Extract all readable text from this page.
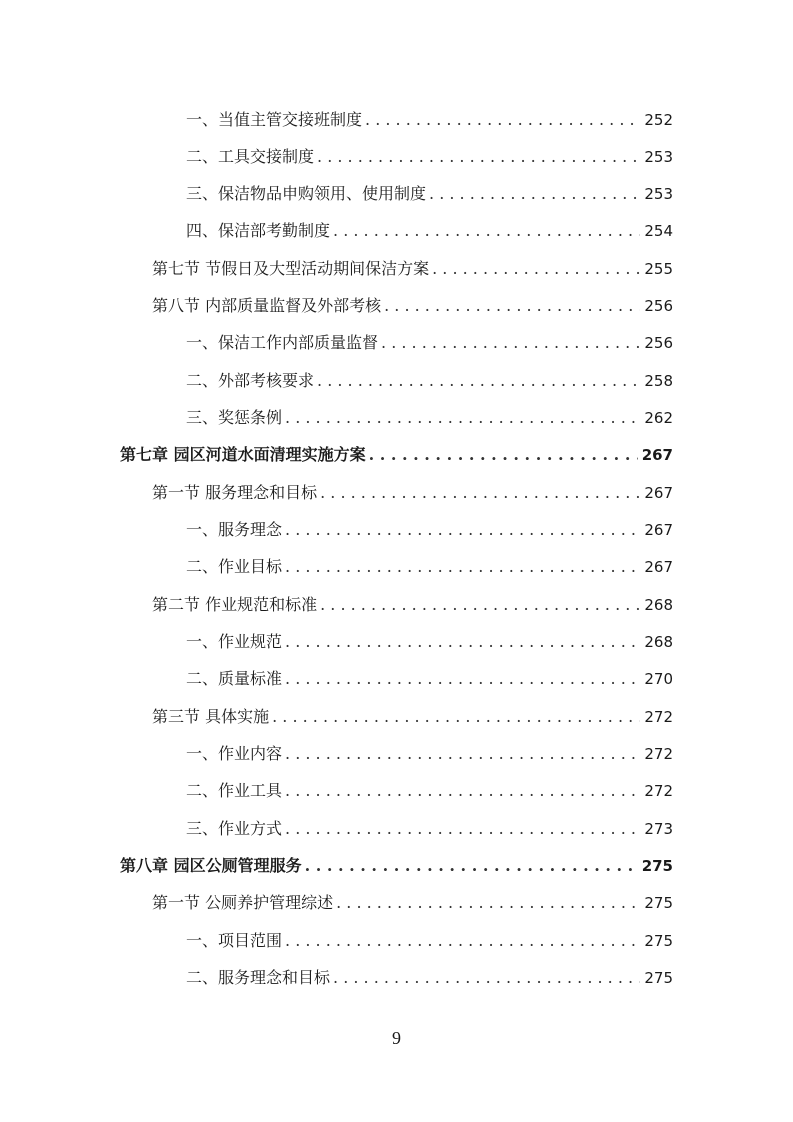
一、当值主管交接班制度 . . .	252
二、工具交接制度 . . .	253
三、保洁物品申购领用、使用制度 . . .	253
四、保洁部考勤制度 . . .	254
第七节 节假日及大型活动期间保洁方案 . . .	255
第八节 内部质量监督及外部考核 . . .	256
一、保洁工作内部质量监督 . . .	256
二、外部考核要求 . . .	258
三、奖惩条例 . . .	262
第七章 园区河道水面清理实施方案 . . .	267
第一节 服务理念和目标 . . .	267
一、服务理念 . . .	267
二、作业目标 . . .	267
第二节 作业规范和标准 . . .	268
一、作业规范 . . .	268
二、质量标准 . . .	270
第三节 具体实施 . . .	272
一、作业内容 . . .	272
二、作业工具 . . .	272
三、作业方式 . . .	273
第八章 园区公厕管理服务 . . .	275
第一节 公厕养护管理综述 . . .	275
一、项目范围 . . .	275
二、服务理念和目标 . . .	275
9
